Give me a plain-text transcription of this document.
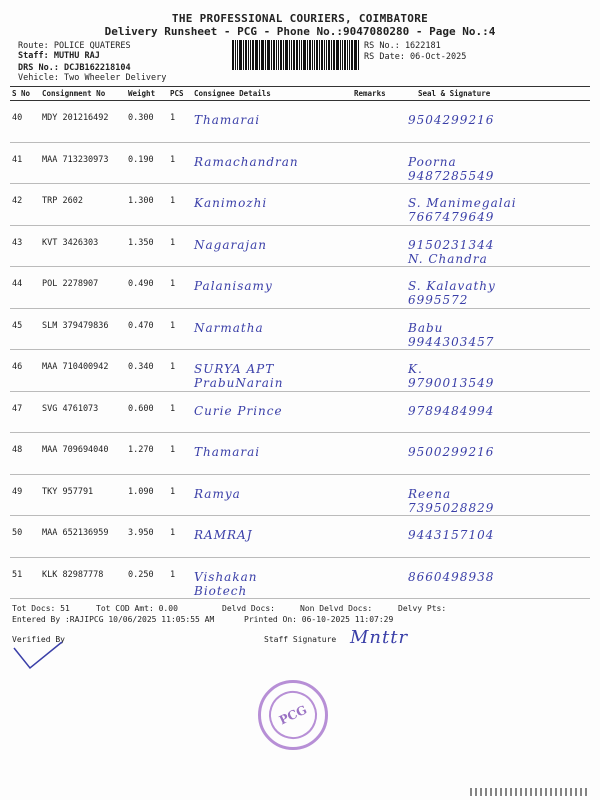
THE PROFESSIONAL COURIERS, COIMBATORE
Delivery Runsheet - PCG - Phone No.:9047080280 - Page No.:4
Route: POLICE QUATERES
Staff: MUTHU RAJ
DRS No.: DCJB162218104
Vehicle: Two Wheeler Delivery
RS No.: 1622181
RS Date: 06-Oct-2025
S No	Consignment No	Weight	PCS	Consignee Details	Remarks	Seal & Signature
40	MDY 201216492	0.300	1	Thamarai		9504299216
41	MAA 713230973	0.190	1	Ramachandran		Poorna
9487285549
42	TRP 2602	1.300	1	Kanimozhi		S. Manimegalai
7667479649
43	KVT 3426303	1.350	1	Nagarajan		9150231344
N. Chandra
44	POL 2278907	0.490	1	Palanisamy		S. Kalavathy
6995572
45	SLM 379479836	0.470	1	Narmatha		Babu
9944303457
46	MAA 710400942	0.340	1	SURYA APT
PrabuNarain		K.
9790013549
47	SVG 4761073	0.600	1	Curie Prince		9789484994
48	MAA 709694040	1.270	1	Thamarai		9500299216
49	TKY 957791	1.090	1	Ramya		Reena
7395028829
50	MAA 652136959	3.950	1	RAMRAJ		9443157104
51	KLK 82987778	0.250	1	Vishakan
Biotech		8660498938
Tot Docs: 51	Tot COD Amt: 0.00	Delvd Docs:	Non Delvd Docs:	Delvy Pts:
Entered By :RAJIPCG 10/06/2025 11:05:55 AM	Printed On: 06-10-2025 11:07:29
Verified By	Staff Signature Mnttr
PCG
